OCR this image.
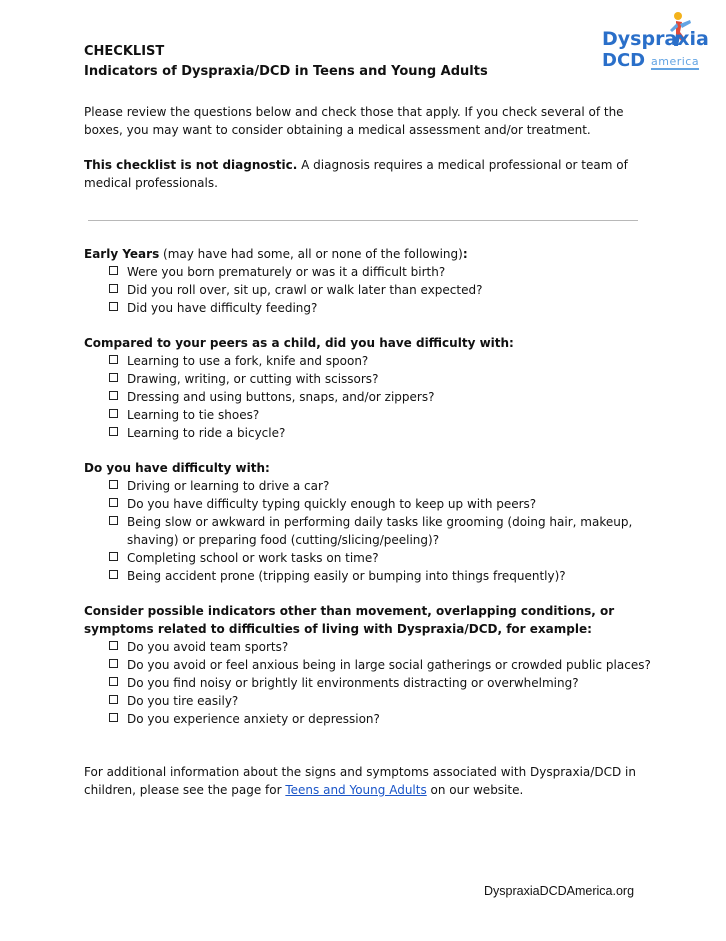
CHECKLIST
Indicators of Dyspraxia/DCD in Teens and Young Adults
Dyspraxia
DCD america
Please review the questions below and check those that apply. If you check several of the boxes, you may want to consider obtaining a medical assessment and/or treatment.
This checklist is not diagnostic. A diagnosis requires a medical professional or team of medical professionals.
Early Years (may have had some, all or none of the following):
Were you born prematurely or was it a difficult birth?
Did you roll over, sit up, crawl or walk later than expected?
Did you have difficulty feeding?
Compared to your peers as a child, did you have difficulty with:
Learning to use a fork, knife and spoon?
Drawing, writing, or cutting with scissors?
Dressing and using buttons, snaps, and/or zippers?
Learning to tie shoes?
Learning to ride a bicycle?
Do you have difficulty with:
Driving or learning to drive a car?
Do you have difficulty typing quickly enough to keep up with peers?
Being slow or awkward in performing daily tasks like grooming (doing hair, makeup, shaving) or preparing food (cutting/slicing/peeling)?
Completing school or work tasks on time?
Being accident prone (tripping easily or bumping into things frequently)?
Consider possible indicators other than movement, overlapping conditions, or symptoms related to difficulties of living with Dyspraxia/DCD, for example:
Do you avoid team sports?
Do you avoid or feel anxious being in large social gatherings or crowded public places?
Do you find noisy or brightly lit environments distracting or overwhelming?
Do you tire easily?
Do you experience anxiety or depression?
For additional information about the signs and symptoms associated with Dyspraxia/DCD in children, please see the page for Teens and Young Adults on our website.
DyspraxiaDCDAmerica.org
